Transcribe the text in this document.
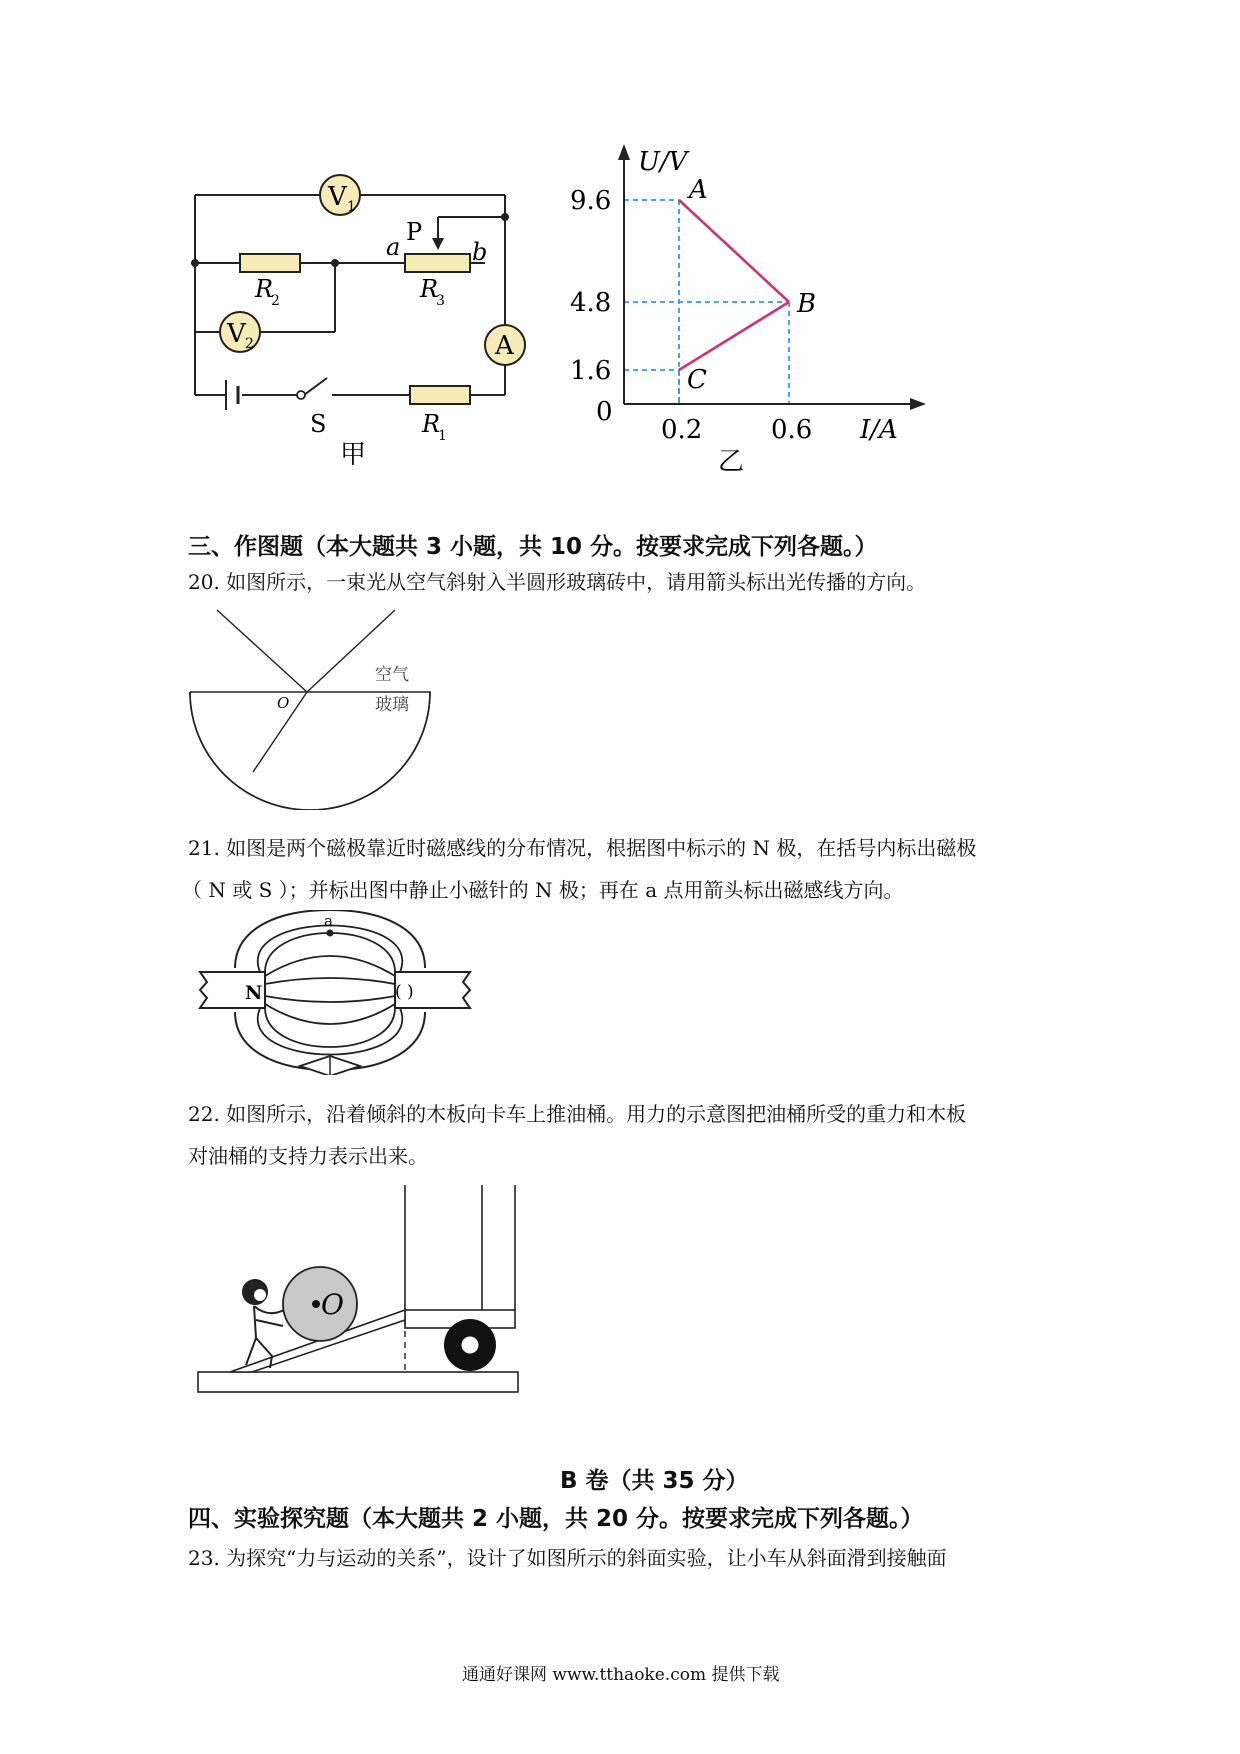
V 1
V 2	A
R
2	R
3
R
1
P
a	b
S
甲
U/V
I/A
0
0.2	0.6
9.6
4.8
1.6
A
B
C
乙
三、作图题（本大题共 3 小题，共 10 分。按要求完成下列各题。）
20. 如图所示，一束光从空气斜射入半圆形玻璃砖中，请用箭头标出光传播的方向。
O
空气
玻璃
21. 如图是两个磁极靠近时磁感线的分布情况，根据图中标示的 N 极，在括号内标出磁极
（ N 或 S ）；并标出图中静止小磁针的 N 极；再在 a 点用箭头标出磁感线方向。
N	( )
a
22. 如图所示，沿着倾斜的木板向卡车上推油桶。用力的示意图把油桶所受的重力和木板
对油桶的支持力表示出来。
O
B 卷（共 35 分）
四、实验探究题（本大题共 2 小题，共 20 分。按要求完成下列各题。）
23. 为探究“力与运动的关系”，设计了如图所示的斜面实验，让小车从斜面滑到接触面
通通好课网 www.tthaoke.com 提供下载
